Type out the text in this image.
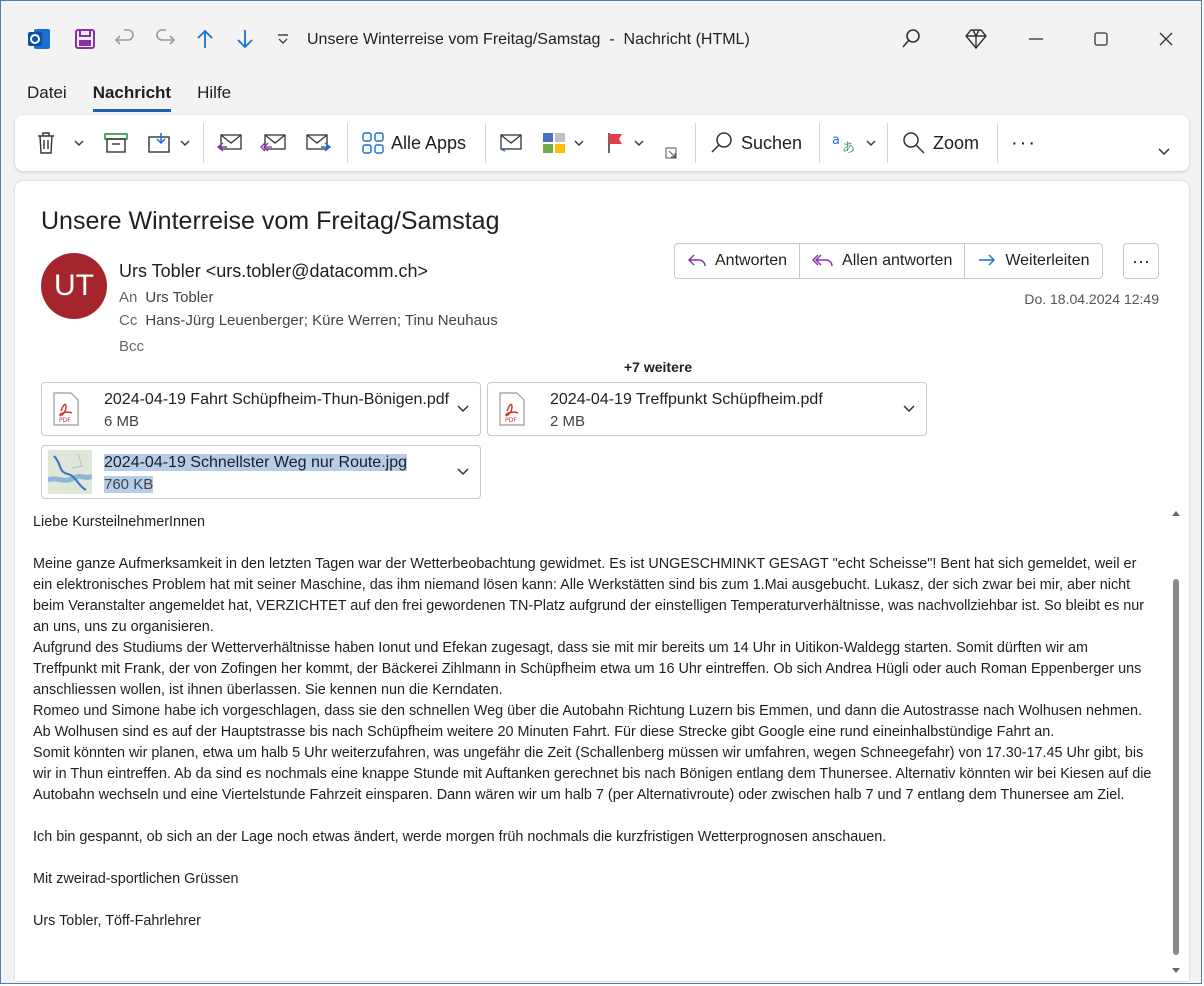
Unsere Winterreise vom Freitag/Samstag  -  Nachricht (HTML)
Datei Nachricht Hilfe
Alle Apps	Suchen a
あ	Zoom ···
Unsere Winterreise vom Freitag/Samstag
UT	Urs Tobler <urs.tobler@datacomm.ch>
An Urs Tobler
Cc Hans-Jürg Leuenberger; Küre Werren; Tinu Neuhaus
Bcc
Antworten	Allen antworten	Weiterleiten ···
Do. 18.04.2024 12:49
+7 weitere
PDF
2024-04-19 Fahrt Schüpfheim-Thun-Bönigen.pdf
6 MB	PDF
2024-04-19 Treffpunkt Schüpfheim.pdf
2 MB
2024-04-19 Schnellster Weg nur Route.jpg
760 KB

Liebe KursteilnehmerInnen

Meine ganze Aufmerksamkeit in den letzten Tagen war der Wetterbeobachtung gewidmet. Es ist UNGESCHMINKT GESAGT "echt Scheisse"! Bent hat sich gemeldet, weil er ein elektronisches Problem hat mit seiner Maschine, das ihm niemand lösen kann: Alle Werkstätten sind bis zum 1.Mai ausgebucht. Lukasz, der sich zwar bei mir, aber nicht beim Veranstalter angemeldet hat, VERZICHTET auf den frei gewordenen TN-Platz aufgrund der einstelligen Temperaturverhältnisse, was nachvollziehbar ist. So bleibt es nur an uns, uns zu organisieren.

Aufgrund des Studiums der Wetterverhältnisse haben Ionut und Efekan zugesagt, dass sie mit mir bereits um 14 Uhr in Uitikon-Waldegg starten. Somit dürften wir am Treffpunkt mit Frank, der von Zofingen her kommt, der Bäckerei Zihlmann in Schüpfheim etwa um 16 Uhr eintreffen. Ob sich Andrea Hügli oder auch Roman Eppenberger uns anschliessen wollen, ist ihnen überlassen. Sie kennen nun die Kerndaten.

Romeo und Simone habe ich vorgeschlagen, dass sie den schnellen Weg über die Autobahn Richtung Luzern bis Emmen, und dann die Autostrasse nach Wolhusen nehmen. Ab Wolhusen sind es auf der Hauptstrasse bis nach Schüpfheim weitere 20 Minuten Fahrt. Für diese Strecke gibt Google eine rund eineinhalbstündige Fahrt an.

Somit könnten wir planen, etwa um halb 5 Uhr weiterzufahren, was ungefähr die Zeit (Schallenberg müssen wir umfahren, wegen Schneegefahr) von 17.30-17.45 Uhr gibt, bis wir in Thun eintreffen. Ab da sind es nochmals eine knappe Stunde mit Auftanken gerechnet bis nach Bönigen entlang dem Thunersee. Alternativ könnten wir bei Kiesen auf die Autobahn wechseln und eine Viertelstunde Fahrzeit einsparen. Dann wären wir um halb 7 (per Alternativroute) oder zwischen halb 7 und 7 entlang dem Thunersee am Ziel.

Ich bin gespannt, ob sich an der Lage noch etwas ändert, werde morgen früh nochmals die kurzfristigen Wetterprognosen anschauen.

Mit zweirad-sportlichen Grüssen

Urs Tobler, Töff-Fahrlehrer
